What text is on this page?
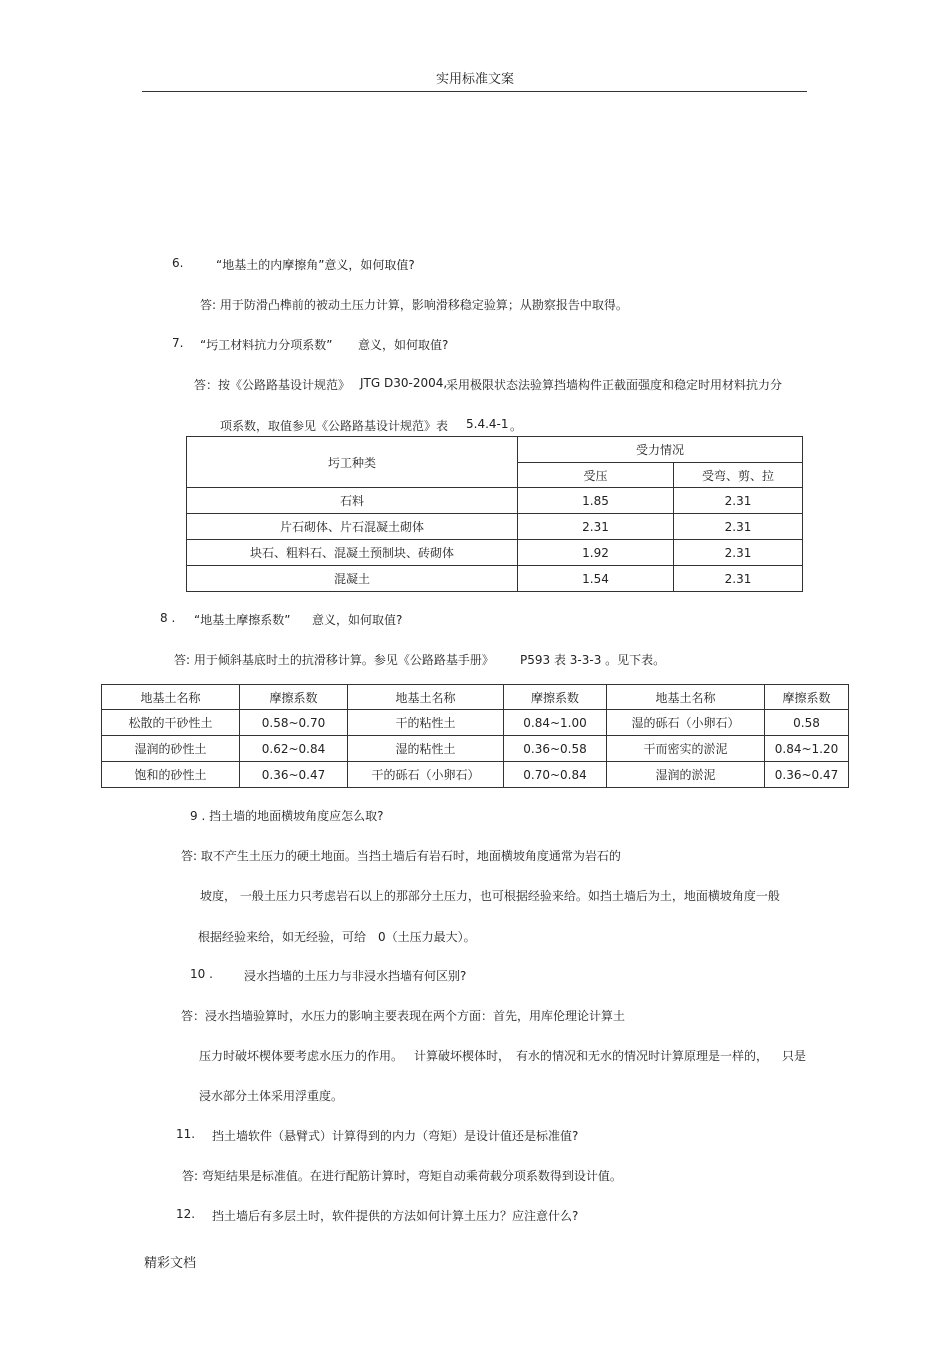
实用标准文案
6.	“地基土的内摩擦角”意义，如何取值?
答: 用于防滑凸榫前的被动土压力计算，影响滑移稳定验算；从勘察报告中取得。
7. “圬工材料抗力分项系数” 意义，如何取值?
答：按《公路路基设计规范》 JTG D30-2004,
采用极限状态法验算挡墙构件正截面强度和稳定时用材料抗力分
项系数，取值参见《公路路基设计规范》表 5.4.4-1 。
圬工种类	受力情况	
	受压	受弯、剪、拉
石料	1.85	2.31
片石砌体、片石混凝土砌体	2.31	2.31
块石、粗料石、混凝土预制块、砖砌体	1.92	2.31
混凝土	1.54	2.31
8 . “地基土摩擦系数” 意义，如何取值?
答: 用于倾斜基底时土的抗滑移计算。参见《公路路基手册》 P593 表 3-3-3 。见下表。
地基土名称	摩擦系数	地基土名称	摩擦系数	地基土名称	摩擦系数
松散的干砂性土	0.58~0.70	干的粘性土	0.84~1.00	湿的砾石（小卵石）	0.58
湿润的砂性土	0.62~0.84	湿的粘性土	0.36~0.58	干而密实的淤泥	0.84~1.20
饱和的砂性土	0.36~0.47	干的砾石（小卵石）	0.70~0.84	湿润的淤泥	0.36~0.47
9 . 挡土墙的地面横坡角度应怎么取?
答: 取不产生土压力的硬土地面。当挡土墙后有岩石时，地面横坡角度通常为岩石的
坡度， 一般土压力只考虑岩石以上的那部分土压力，也可根据经验来给。如挡土墙后为土，地面横坡角度一般
根据经验来给，如无经验，可给 0（土压力最大）。
10 .	浸水挡墙的土压力与非浸水挡墙有何区别?
答：浸水挡墙验算时，水压力的影响主要表现在两个方面：首先，用库伦理论计算土
压力时破坏楔体要考虑水压力的作用。 计算破坏楔体时， 有水的情况和无水的情况时计算原理是一样的， 只是
浸水部分土体采用浮重度。
11. 挡土墙软件（悬臂式）计算得到的内力（弯矩）是设计值还是标准值?
答: 弯矩结果是标准值。在进行配筋计算时，弯矩自动乘荷载分项系数得到设计值。
12. 挡土墙后有多层土时，软件提供的方法如何计算土压力？应注意什么?
精彩文档
